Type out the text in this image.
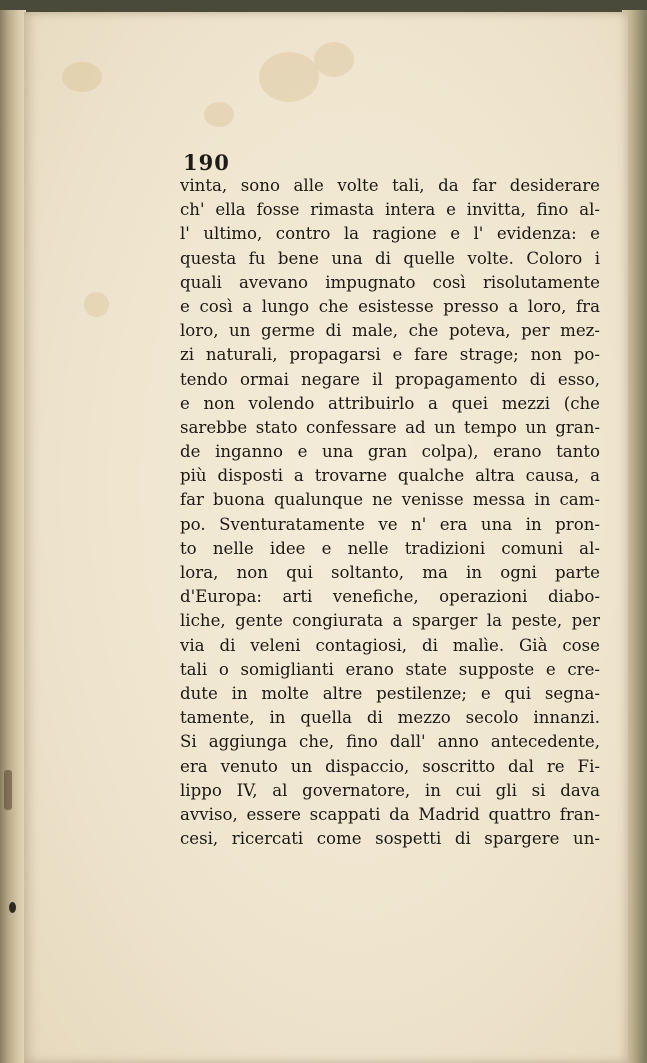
190
vinta, sono alle volte tali, da far desiderare
ch' ella fosse rimasta intera e invitta, fino al-
l' ultimo, contro la ragione e l' evidenza: e
questa fu bene una di quelle volte. Coloro i
quali avevano impugnato così risolutamente
e così a lungo che esistesse presso a loro, fra
loro, un germe di male, che poteva, per mez-
zi naturali, propagarsi e fare strage; non po-
tendo ormai negare il propagamento di esso,
e non volendo attribuirlo a quei mezzi (che
sarebbe stato confessare ad un tempo un gran-
de inganno e una gran colpa), erano tanto
più disposti a trovarne qualche altra causa, a
far buona qualunque ne venisse messa in cam-
po. Sventuratamente ve n' era una in pron-
to nelle idee e nelle tradizioni comuni al-
lora, non qui soltanto, ma in ogni parte
d'Europa: arti venefiche, operazioni diabo-
liche, gente congiurata a sparger la peste, per
via di veleni contagiosi, di malìe. Già cose
tali o somiglianti erano state supposte e cre-
dute in molte altre pestilenze; e qui segna-
tamente, in quella di mezzo secolo innanzi.
Si aggiunga che, fino dall' anno antecedente,
era venuto un dispaccio, soscritto dal re Fi-
lippo IV, al governatore, in cui gli si dava
avviso, essere scappati da Madrid quattro fran-
cesi, ricercati come sospetti di spargere un-
